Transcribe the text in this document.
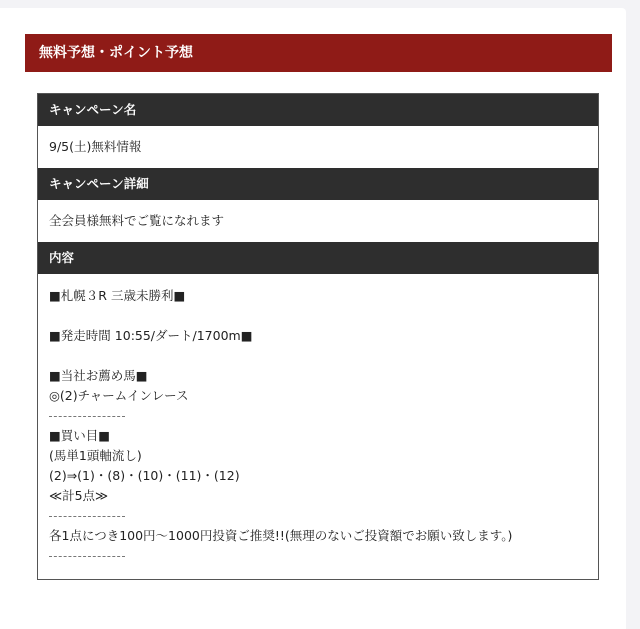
無料予想・ポイント予想
キャンペーン名
9/5(土)無料情報
キャンペーン詳細
全会員様無料でご覧になれます
内容
■札幌３R 三歳未勝利■
■発走時間 10:55/ダート/1700m■
■当社お薦め馬■
◎(2)チャームインレース
■買い目■
(馬単1頭軸流し)
(2)⇒(1)・(8)・(10)・(11)・(12)
≪計5点≫
各1点につき100円〜1000円投資ご推奨!!(無理のないご投資額でお願い致します。)
